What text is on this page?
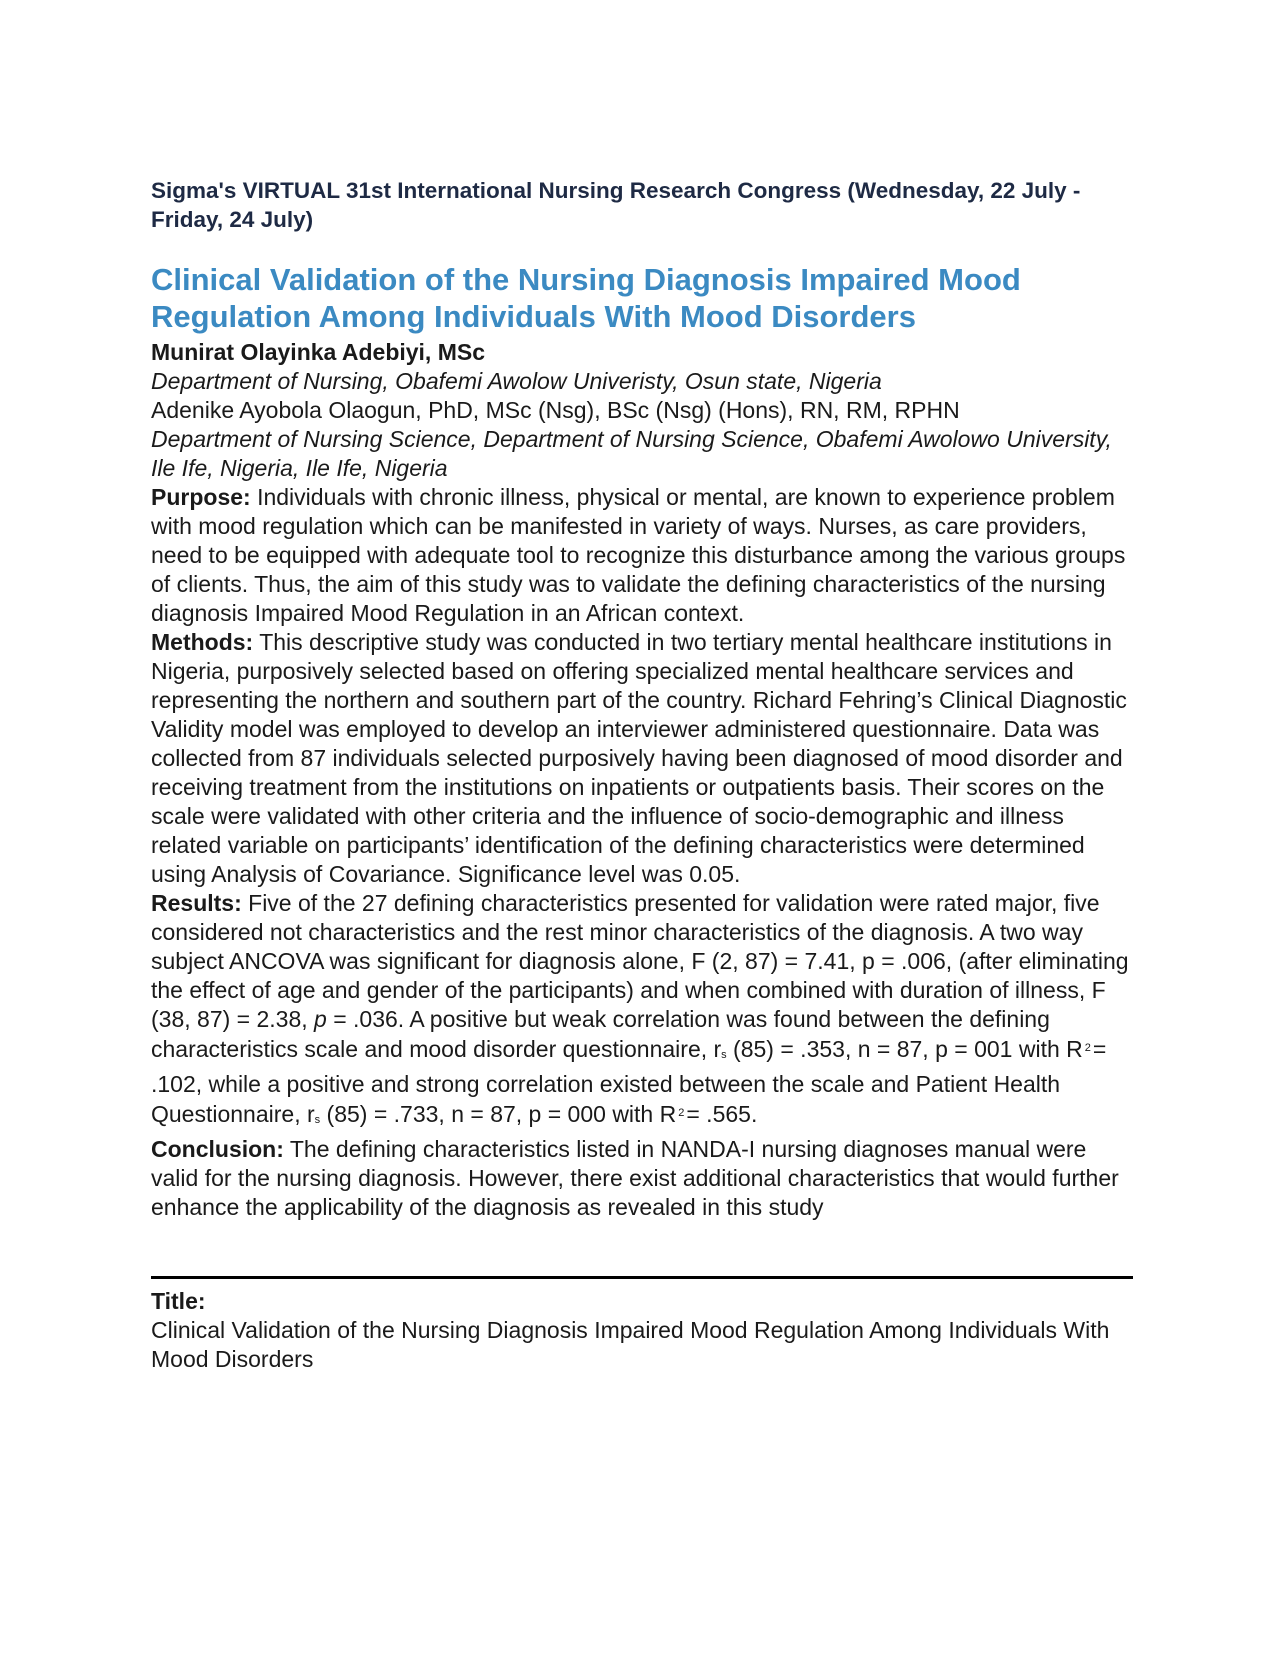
Sigma's VIRTUAL 31st International Nursing Research Congress (Wednesday, 22 July - Friday, 24 July)

Clinical Validation of the Nursing Diagnosis Impaired Mood Regulation Among Individuals With Mood Disorders

Munirat Olayinka Adebiyi, MSc

Department of Nursing, Obafemi Awolow Univeristy, Osun state, Nigeria

Adenike Ayobola Olaogun, PhD, MSc (Nsg), BSc (Nsg) (Hons), RN, RM, RPHN

Department of Nursing Science, Department of Nursing Science, Obafemi Awolowo University, Ile Ife, Nigeria, Ile Ife, Nigeria

Purpose: Individuals with chronic illness, physical or mental, are known to experience problem with mood regulation which can be manifested in variety of ways. Nurses, as care providers, need to be equipped with adequate tool to recognize this disturbance among the various groups of clients. Thus, the aim of this study was to validate the defining characteristics of the nursing diagnosis Impaired Mood Regulation in an African context.

Methods: This descriptive study was conducted in two tertiary mental healthcare institutions in Nigeria, purposively selected based on offering specialized mental healthcare services and representing the northern and southern part of the country. Richard Fehring’s Clinical Diagnostic Validity model was employed to develop an interviewer administered questionnaire. Data was collected from 87 individuals selected purposively having been diagnosed of mood disorder and receiving treatment from the institutions on inpatients or outpatients basis. Their scores on the scale were validated with other criteria and the influence of socio-demographic and illness related variable on participants’ identification of the defining characteristics were determined using Analysis of Covariance. Significance level was 0.05.

Results: Five of the 27 defining characteristics presented for validation were rated major, five considered not characteristics and the rest minor characteristics of the diagnosis. A two way subject ANCOVA was significant for diagnosis alone, F (2, 87) = 7.41, p = .006, (after eliminating the effect of age and gender of the participants) and when combined with duration of illness, F (38, 87) = 2.38, p = .036. A positive but weak correlation was found between the defining characteristics scale and mood disorder questionnaire, $r_s$ (85) = .353, n = 87, p = 001 with R $^2$= .102, while a positive and strong correlation existed between the scale and Patient Health Questionnaire, $r_s$ (85) = .733, n = 87, p = 000 with R $^2$= .565.

Conclusion: The defining characteristics listed in NANDA-I nursing diagnoses manual were valid for the nursing diagnosis. However, there exist additional characteristics that would further enhance the applicability of the diagnosis as revealed in this study

Title:

Clinical Validation of the Nursing Diagnosis Impaired Mood Regulation Among Individuals With Mood Disorders
